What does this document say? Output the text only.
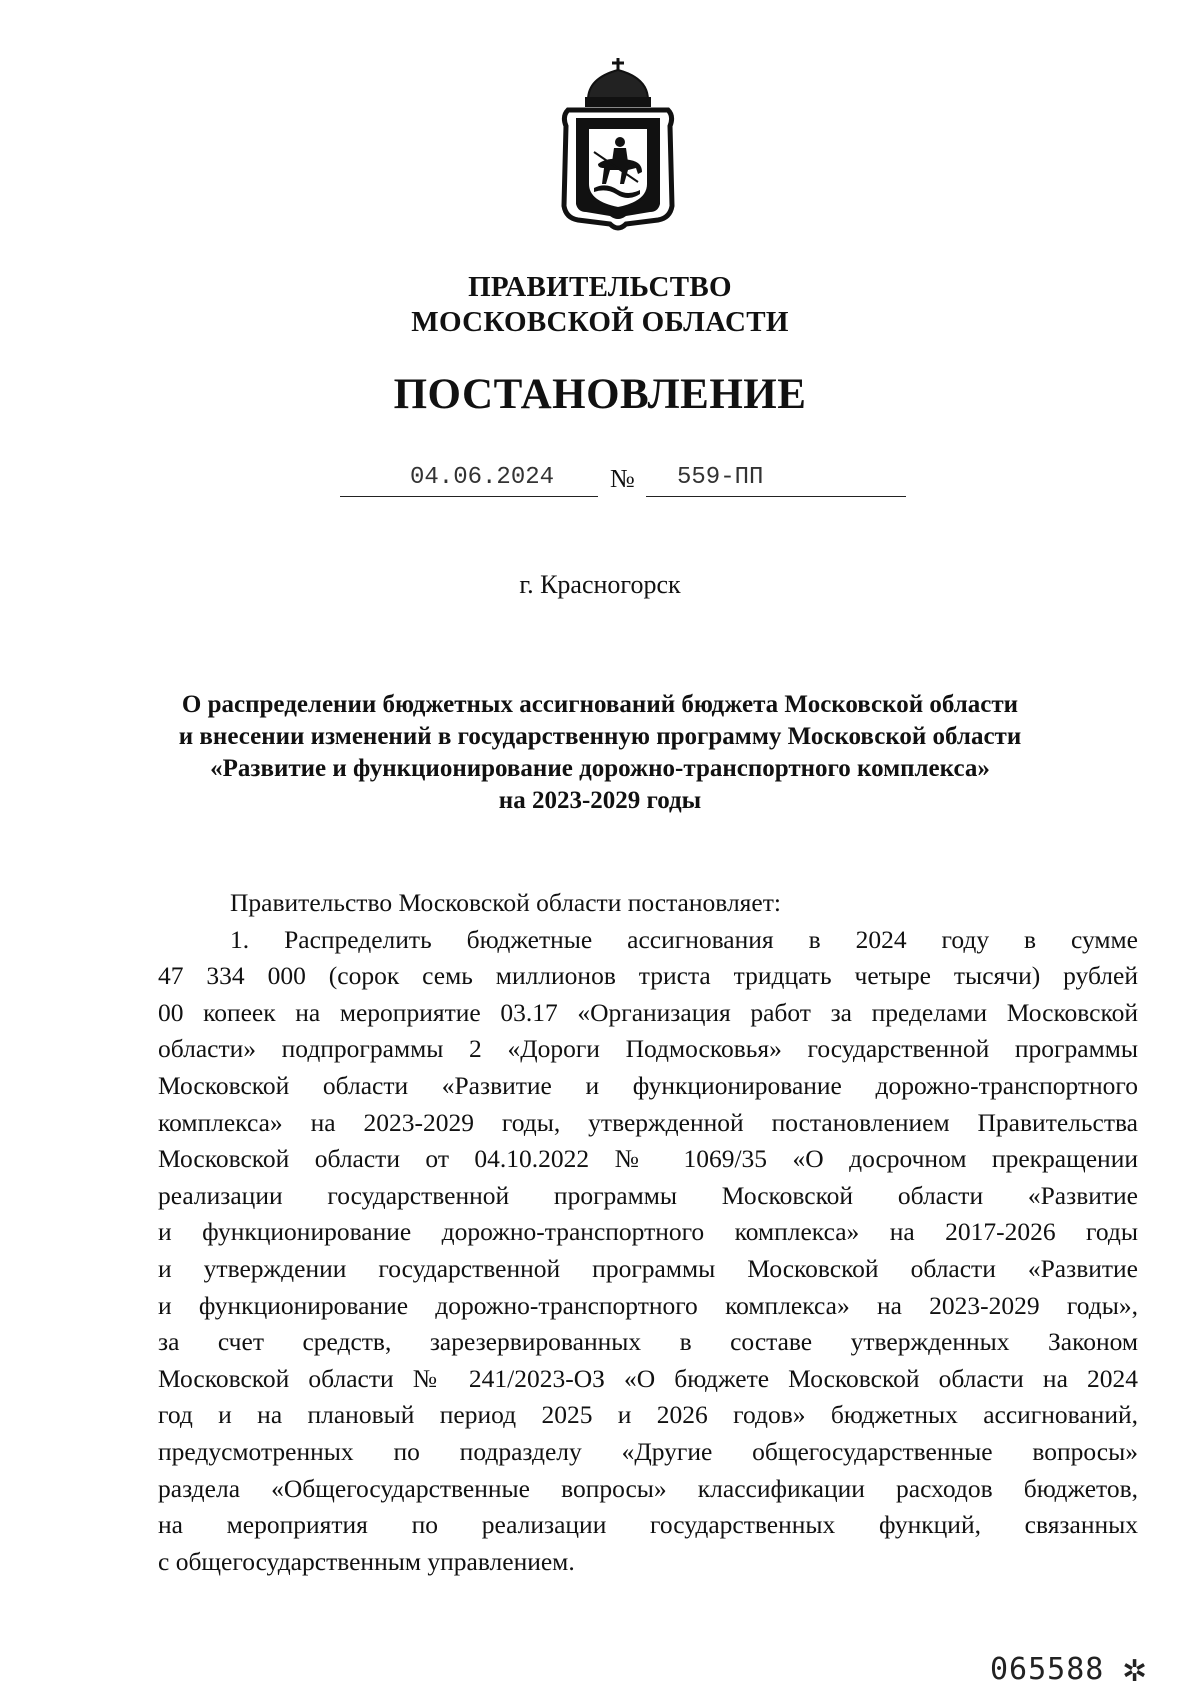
ПРАВИТЕЛЬСТВО
МОСКОВСКОЙ ОБЛАСТИ
ПОСТАНОВЛЕНИЕ
04.06.2024 № 559-ПП
г. Красногорск
О распределении бюджетных ассигнований бюджета Московской области
и внесении изменений в государственную программу Московской области
«Развитие и функционирование дорожно-транспортного комплекса»
на 2023-2029 годы
Правительство Московской области постановляет:
1. Распределить бюджетные ассигнования в 2024 году в сумме
47 334 000 (сорок семь миллионов триста тридцать четыре тысячи) рублей
00 копеек на мероприятие 03.17 «Организация работ за пределами Московской
области» подпрограммы 2 «Дороги Подмосковья» государственной программы
Московской области «Развитие и функционирование дорожно-транспортного
комплекса» на 2023-2029 годы, утвержденной постановлением Правительства
Московской области от 04.10.2022 № 1069/35 «О досрочном прекращении
реализации государственной программы Московской области «Развитие
и функционирование дорожно-транспортного комплекса» на 2017-2026 годы
и утверждении государственной программы Московской области «Развитие
и функционирование дорожно-транспортного комплекса» на 2023-2029 годы»,
за счет средств, зарезервированных в составе утвержденных Законом
Московской области № 241/2023-ОЗ «О бюджете Московской области на 2024
год и на плановый период 2025 и 2026 годов» бюджетных ассигнований,
предусмотренных по подразделу «Другие общегосударственные вопросы»
раздела «Общегосударственные вопросы» классификации расходов бюджетов,
на мероприятия по реализации государственных функций, связанных
с общегосударственным управлением.
065588 ✲
